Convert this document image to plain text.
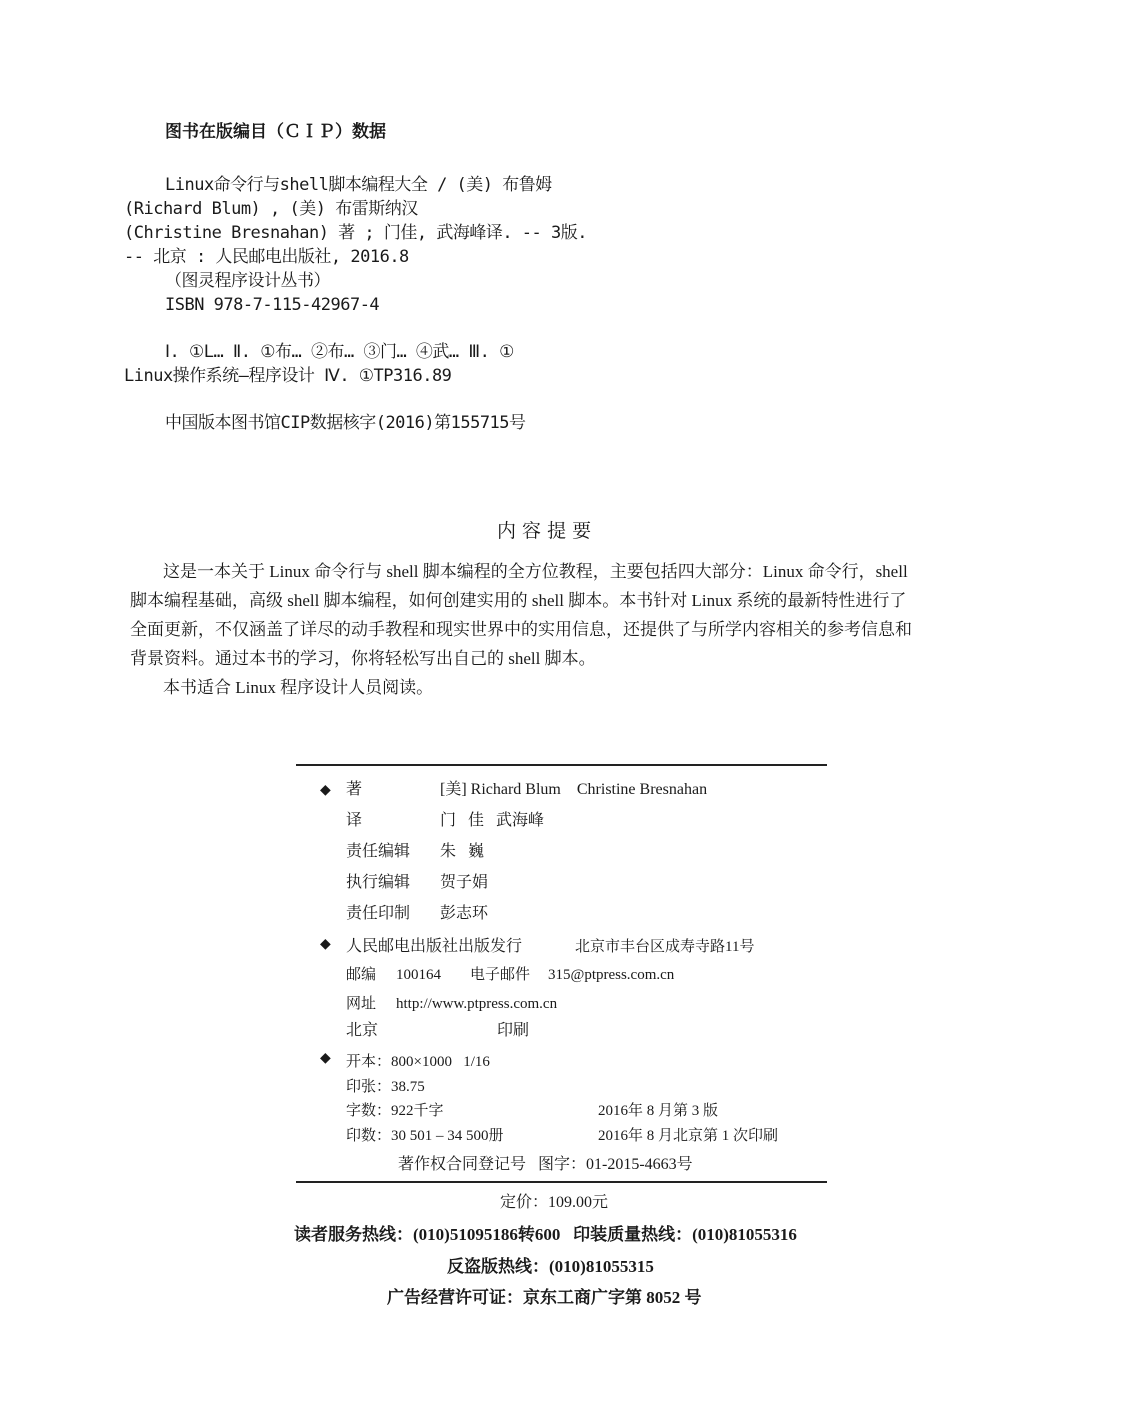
图书在版编目（ＣＩＰ）数据
Linux命令行与shell脚本编程大全 / (美) 布鲁姆
(Richard Blum) , (美) 布雷斯纳汉
(Christine Bresnahan) 著 ; 门佳, 武海峰译. -- 3版.
-- 北京 : 人民邮电出版社, 2016.8
（图灵程序设计丛书）
ISBN 978-7-115-42967-4
Ⅰ. ①L… Ⅱ. ①布… ②布… ③门… ④武… Ⅲ. ①
Linux操作系统—程序设计 Ⅳ. ①TP316.89
中国版本图书馆CIP数据核字(2016)第155715号
内 容 提 要
这是一本关于 Linux 命令行与 shell 脚本编程的全方位教程，主要包括四大部分：Linux 命令行，shell
脚本编程基础，高级 shell 脚本编程，如何创建实用的 shell 脚本。本书针对 Linux 系统的最新特性进行了
全面更新，不仅涵盖了详尽的动手教程和现实世界中的实用信息，还提供了与所学内容相关的参考信息和
背景资料。通过本书的学习，你将轻松写出自己的 shell 脚本。
本书适合 Linux 程序设计人员阅读。
◆ 著	[美] Richard Blum    Christine Bresnahan
译	门   佳   武海峰
责任编辑 朱   巍
执行编辑 贺子娟
责任印制 彭志环
◆ 人民邮电出版社出版发行	北京市丰台区成寿寺路11号
邮编 100164 电子邮件 315@ptpress.com.cn
网址 http://www.ptpress.com.cn
北京	印刷
◆ 开本：800×1000   1/16
印张：38.75
字数：922千字	2016年 8 月第 3 版
印数：30 501 – 34 500册	2016年 8 月北京第 1 次印刷
著作权合同登记号   图字：01-2015-4663号
定价：109.00元
读者服务热线：(010)51095186转600   印装质量热线：(010)81055316
反盗版热线：(010)81055315
广告经营许可证：京东工商广字第 8052 号
